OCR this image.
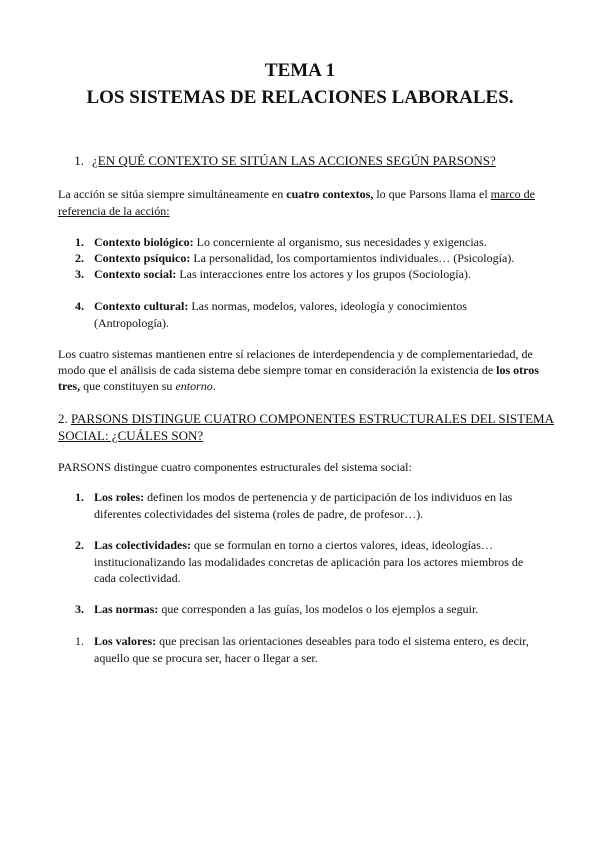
TEMA 1
LOS SISTEMAS DE RELACIONES LABORALES.
1. ¿EN QUÉ CONTEXTO SE SITÚAN LAS ACCIONES SEGÚN PARSONS?
La acción se sitúa siempre simultáneamente en cuatro contextos, lo que Parsons llama el marco de
referencia de la acción:
1. Contexto biológico: Lo concerniente al organismo, sus necesidades y exigencias.
2. Contexto psíquico: La personalidad, los comportamientos individuales… (Psicología).
3. Contexto social: Las interacciones entre los actores y los grupos (Sociología).
4. Contexto cultural: Las normas, modelos, valores, ideología y conocimientos
(Antropología).
Los cuatro sistemas mantienen entre sí relaciones de interdependencia y de complementariedad, de
modo que el análisis de cada sistema debe siempre tomar en consideración la existencia de los otros
tres, que constituyen su entorno.
2. PARSONS DISTINGUE CUATRO COMPONENTES ESTRUCTURALES DEL SISTEMA
SOCIAL: ¿CUÁLES SON?
PARSONS distingue cuatro componentes estructurales del sistema social:
1. Los roles: definen los modos de pertenencia y de participación de los individuos en las
diferentes colectividades del sistema (roles de padre, de profesor…).
2. Las colectividades: que se formulan en torno a ciertos valores, ideas, ideologías…
institucionalizando las modalidades concretas de aplicación para los actores miembros de
cada colectividad.
3. Las normas: que corresponden a las guías, los modelos o los ejemplos a seguir.
1. Los valores: que precisan las orientaciones deseables para todo el sistema entero, es decir,
aquello que se procura ser, hacer o llegar a ser.
